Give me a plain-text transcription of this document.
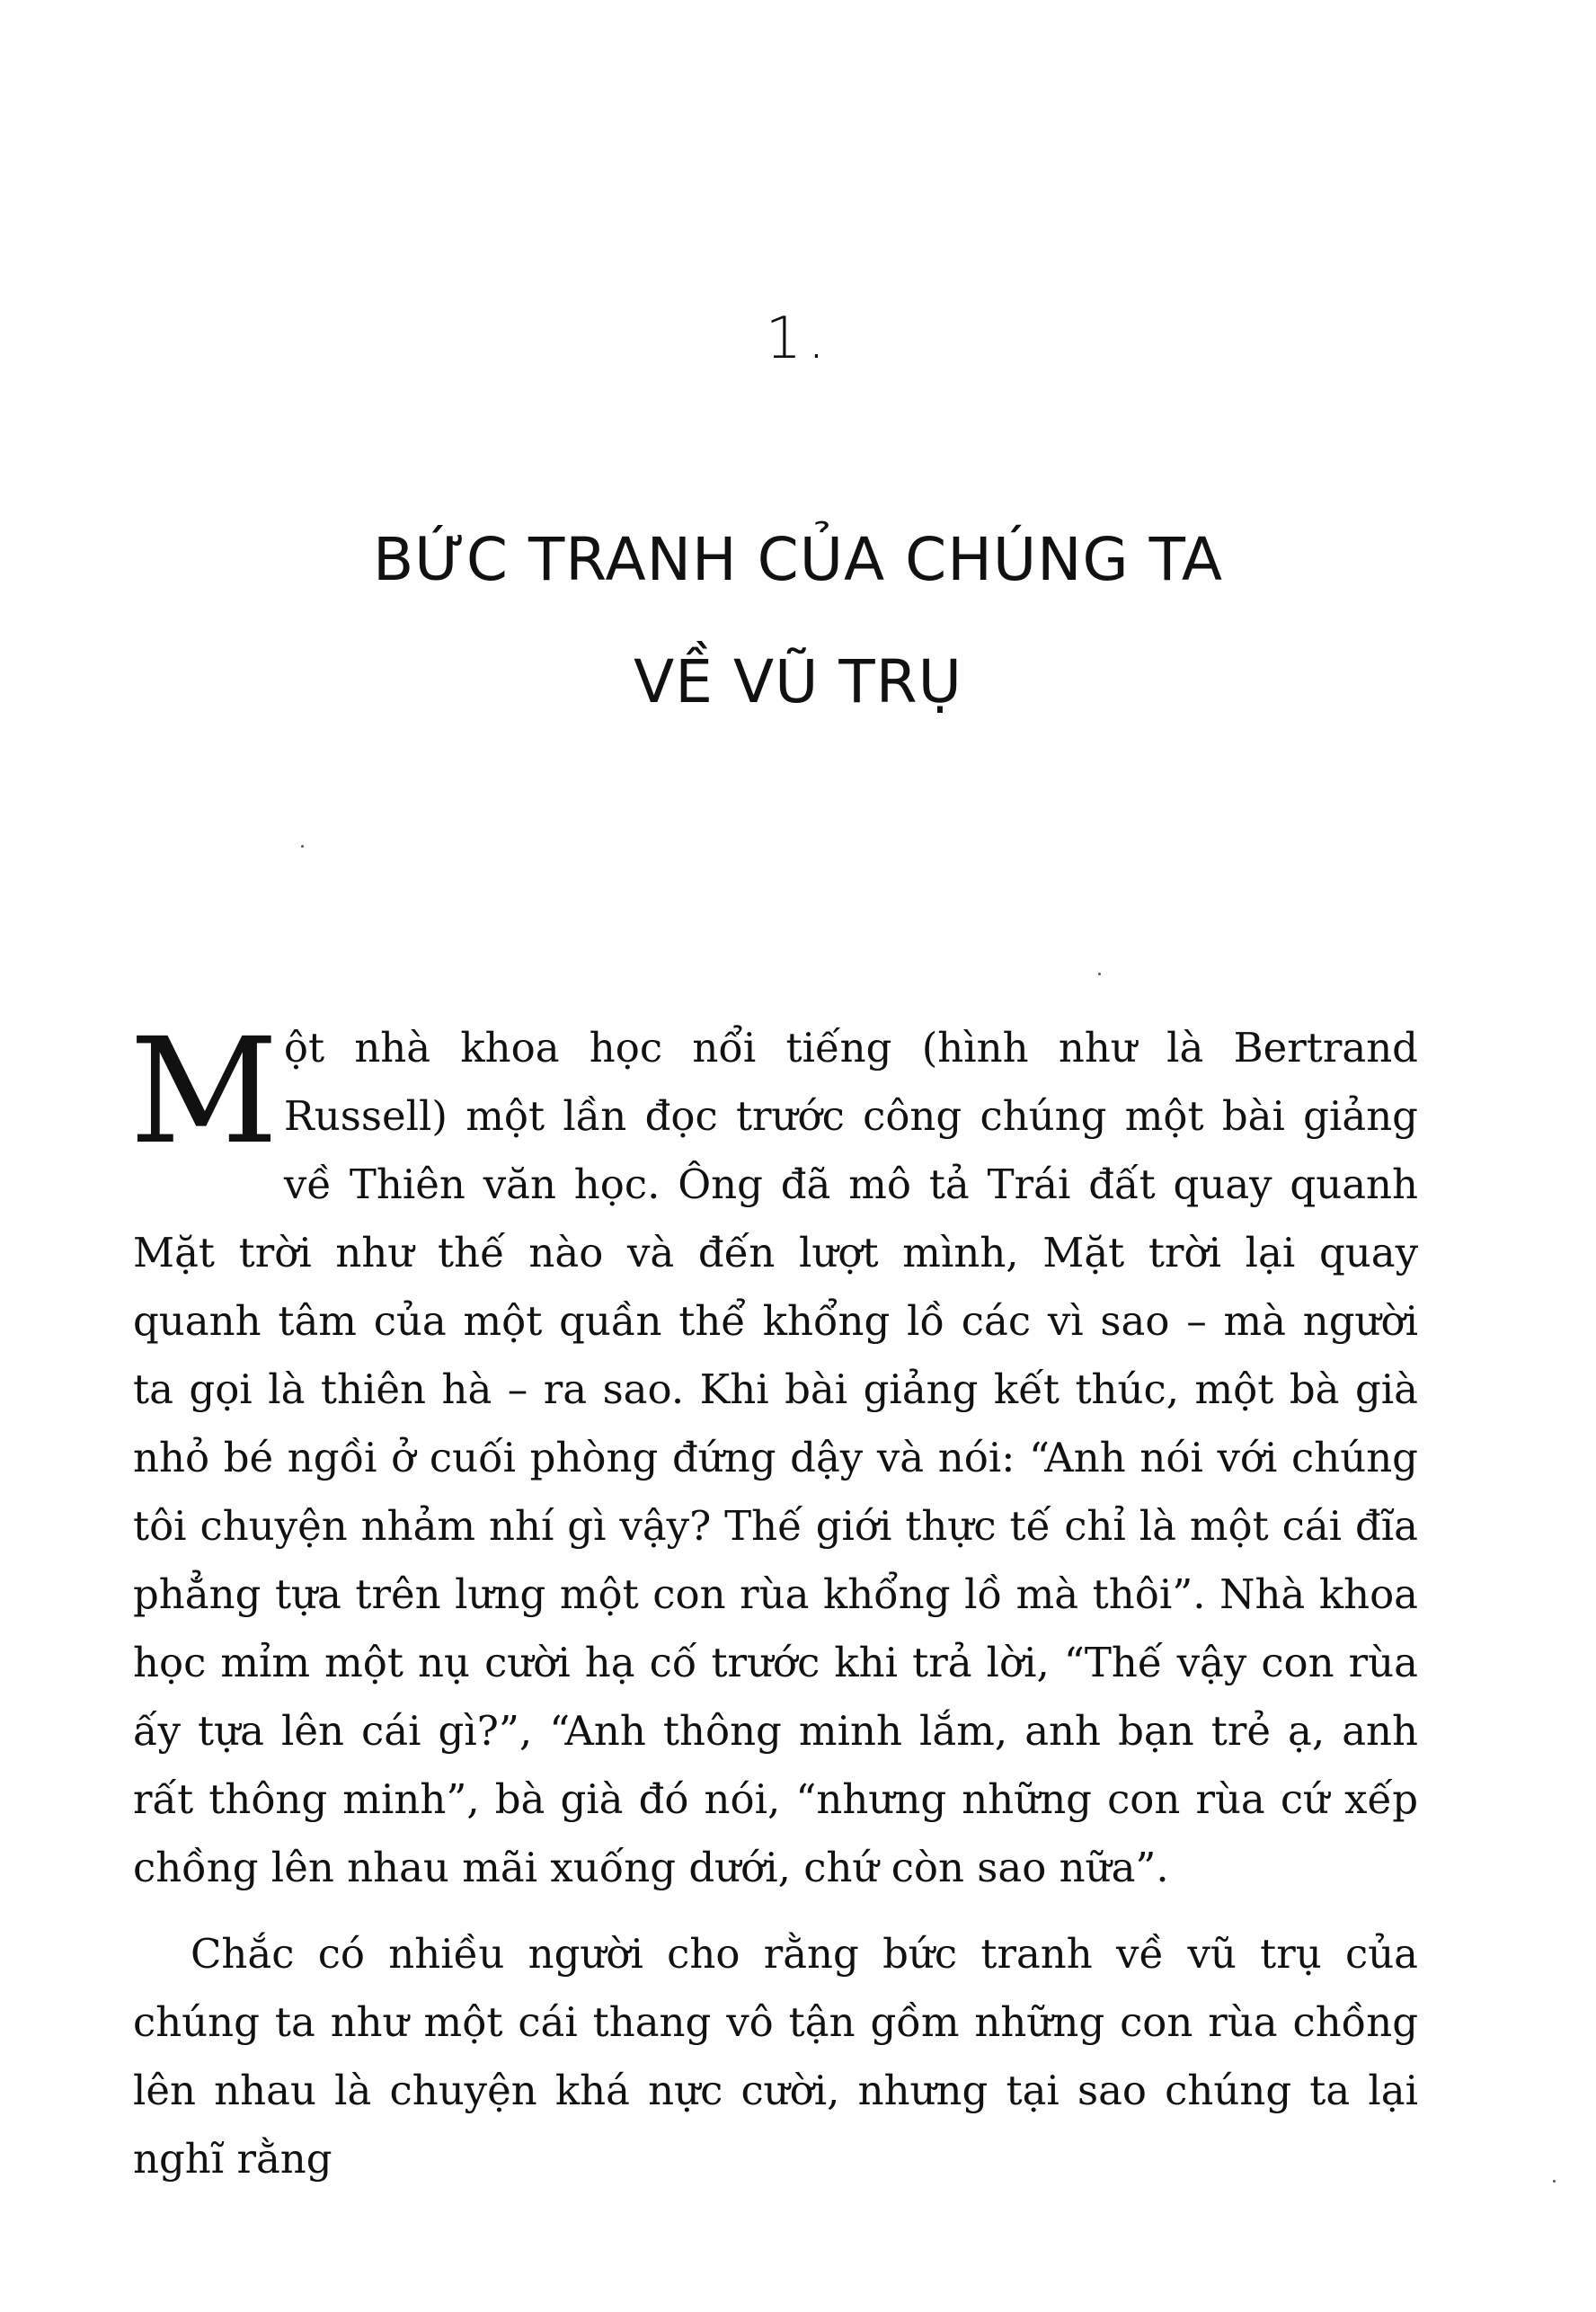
1.
BỨC TRANH CỦA CHÚNG TA
VỀ VŨ TRỤ

Một nhà khoa học nổi tiếng (hình như là Bertrand Russell) một lần đọc trước công chúng một bài giảng về Thiên văn học. Ông đã mô tả Trái đất quay quanh Mặt trời như thế nào và đến lượt mình, Mặt trời lại quay quanh tâm của một quần thể khổng lồ các vì sao – mà người ta gọi là thiên hà – ra sao. Khi bài giảng kết thúc, một bà già nhỏ bé ngồi ở cuối phòng đứng dậy và nói: “Anh nói với chúng tôi chuyện nhảm nhí gì vậy? Thế giới thực tế chỉ là một cái đĩa phẳng tựa trên lưng một con rùa khổng lồ mà thôi”. Nhà khoa học mỉm một nụ cười hạ cố trước khi trả lời, “Thế vậy con rùa ấy tựa lên cái gì?”, “Anh thông minh lắm, anh bạn trẻ ạ, anh rất thông minh”, bà già đó nói, “nhưng những con rùa cứ xếp chồng lên nhau mãi xuống dưới, chứ còn sao nữa”.

Chắc có nhiều người cho rằng bức tranh về vũ trụ của chúng ta như một cái thang vô tận gồm những con rùa chồng lên nhau là chuyện khá nực cười, nhưng tại sao chúng ta lại nghĩ rằng
